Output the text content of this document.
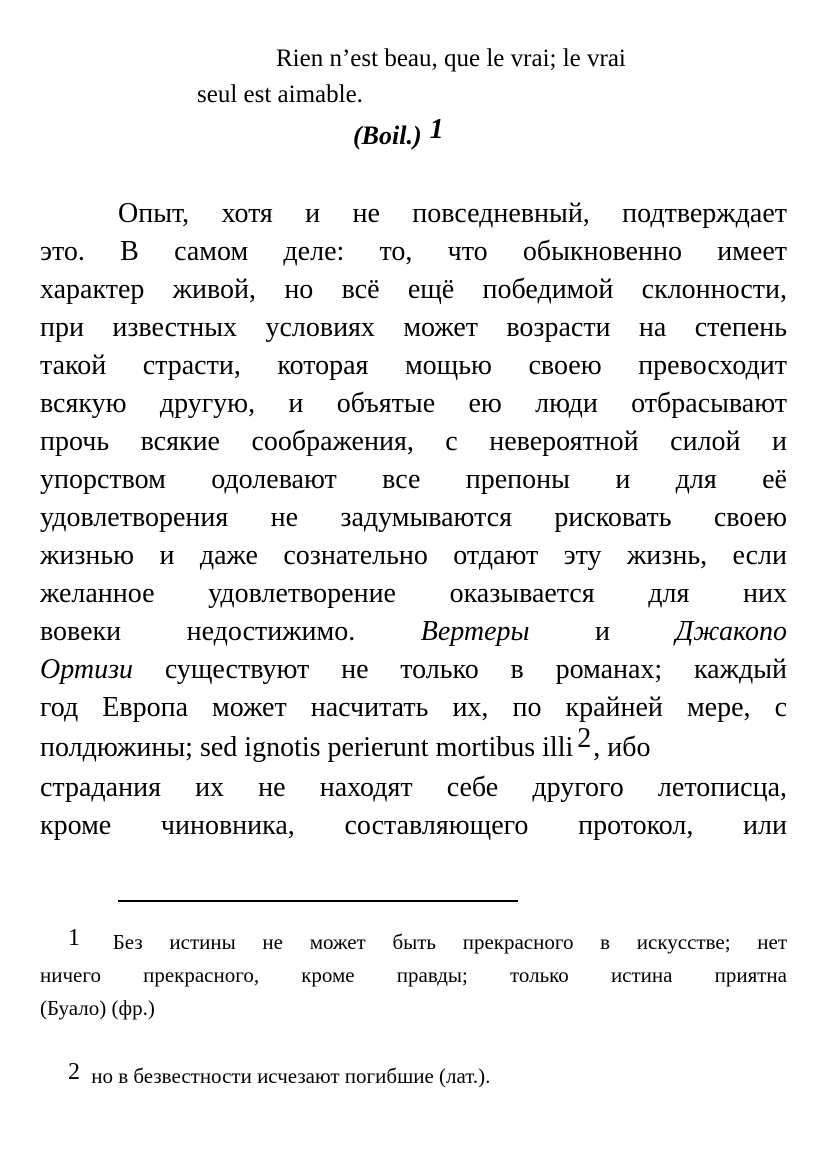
Rien n’est beau, que le vrai; le vrai
seul est aimable.
(Boil.) 1
Опыт, хотя и не повседневный, подтверждает
это. В самом деле: то, что обыкновенно имеет
характер живой, но всё ещё победимой склонности,
при известных условиях может возрасти на степень
такой страсти, которая мощью своею превосходит
всякую другую, и объятые ею люди отбрасывают
прочь всякие соображения, с невероятной силой и
упорством одолевают все препоны и для её
удовлетворения не задумываются рисковать своею
жизнью и даже сознательно отдают эту жизнь, если
желанное удовлетворение оказывается для них
вовеки недостижимо. Вертеры и Джакопо
Ортизи существуют не только в романах; каждый
год Европа может насчитать их, по крайней мере, с
полдюжины; sed ignotis perierunt mortibus illi 2, ибо
страдания их не находят себе другого летописца,
кроме чиновника, составляющего протокол, или
1 Без истины не может быть прекрасного в искусстве; нет
ничего прекрасного, кроме правды; только истина приятна
(Буало) (фр.)
2 но в безвестности исчезают погибшие (лат.).
